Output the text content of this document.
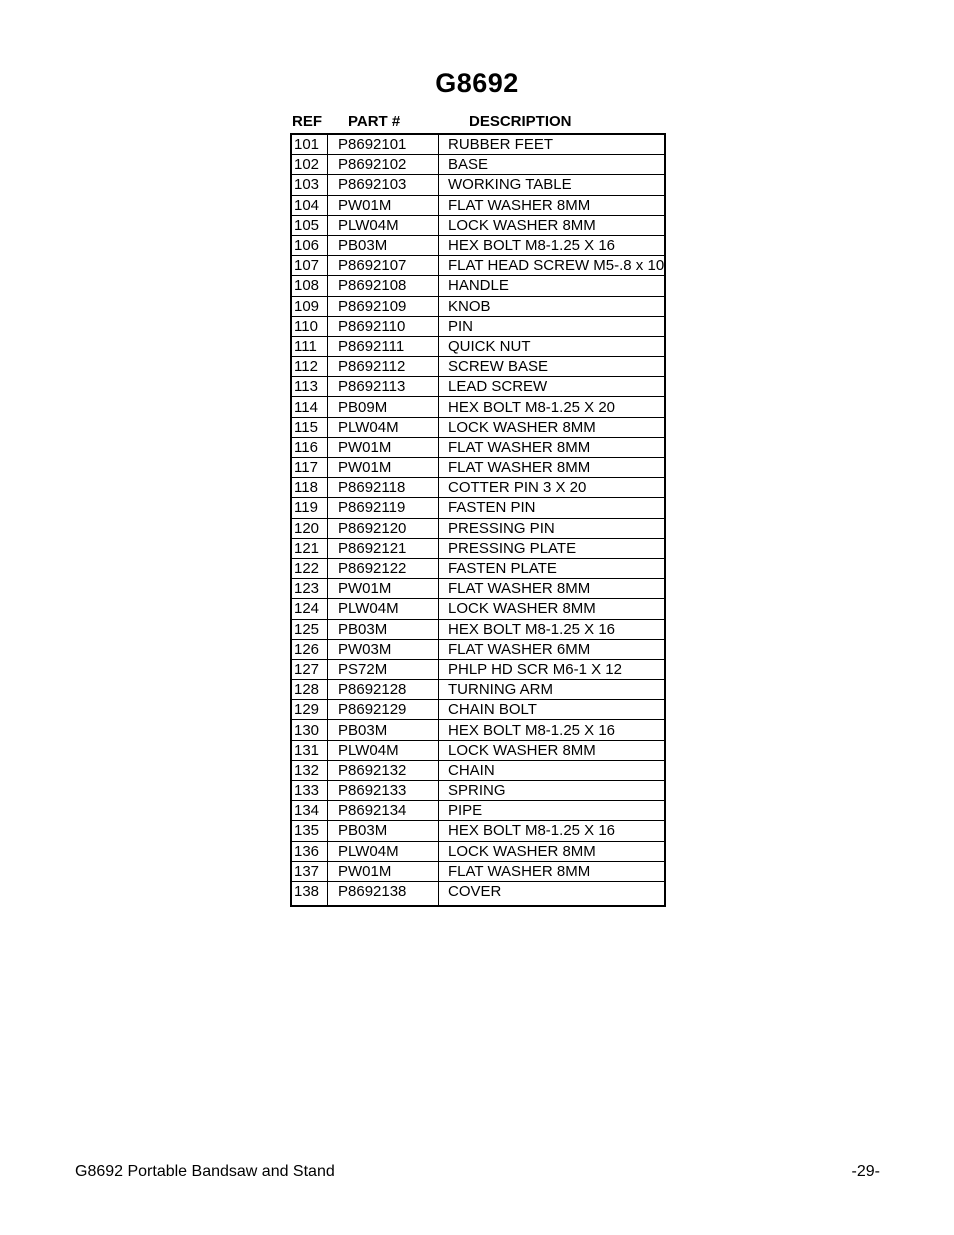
G8692
REF PART #	DESCRIPTION
101	P8692101	RUBBER FEET
102	P8692102	BASE
103	P8692103	WORKING TABLE
104	PW01M	FLAT WASHER 8MM
105	PLW04M	LOCK WASHER 8MM
106	PB03M	HEX BOLT M8-1.25 X 16
107	P8692107	FLAT HEAD SCREW M5-.8 x 10
108	P8692108	HANDLE
109	P8692109	KNOB
110	P8692110	PIN
111	P8692111	QUICK NUT
112	P8692112	SCREW BASE
113	P8692113	LEAD SCREW
114	PB09M	HEX BOLT M8-1.25 X 20
115	PLW04M	LOCK WASHER 8MM
116	PW01M	FLAT WASHER 8MM
117	PW01M	FLAT WASHER 8MM
118	P8692118	COTTER PIN 3 X 20
119	P8692119	FASTEN PIN
120	P8692120	PRESSING PIN
121	P8692121	PRESSING PLATE
122	P8692122	FASTEN PLATE
123	PW01M	FLAT WASHER 8MM
124	PLW04M	LOCK WASHER 8MM
125	PB03M	HEX BOLT M8-1.25 X 16
126	PW03M	FLAT WASHER 6MM
127	PS72M	PHLP HD SCR M6-1 X 12
128	P8692128	TURNING ARM
129	P8692129	CHAIN BOLT
130	PB03M	HEX BOLT M8-1.25 X 16
131	PLW04M	LOCK WASHER 8MM
132	P8692132	CHAIN
133	P8692133	SPRING
134	P8692134	PIPE
135	PB03M	HEX BOLT M8-1.25 X 16
136	PLW04M	LOCK WASHER 8MM
137	PW01M	FLAT WASHER 8MM
138	P8692138	COVER
G8692 Portable Bandsaw and Stand	-29-
